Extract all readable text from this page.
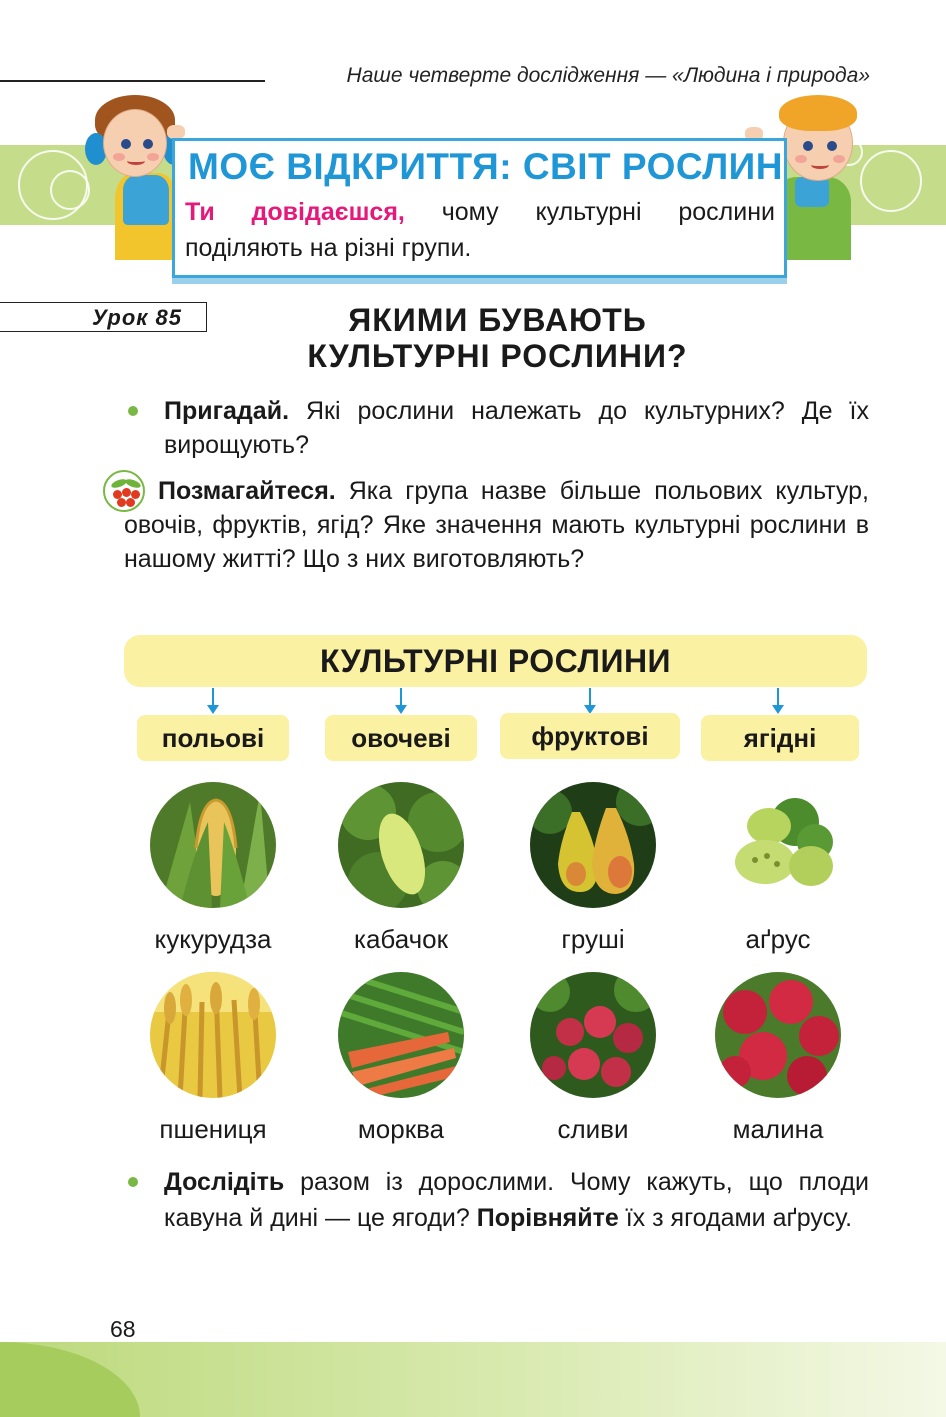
Наше четверте дослідження — «Людина і природа»
МОЄ ВІДКРИТТЯ: СВІТ РОСЛИН
Ти довідаєшся, чому культурні рослини поділяють на різні групи.
Урок 85	ЯКИМИ БУВАЮТЬ
КУЛЬТУРНІ РОСЛИНИ?
Пригадай. Які рослини належать до культурних? Де їх вирощують?
Позмагайтеся. Яка група назве більше польових культур, овочів, фруктів, ягід? Яке значення мають культурні рослини в нашому житті? Що з них виготовляють?
КУЛЬТУРНІ РОСЛИНИ
польові	овочеві	фруктові	ягідні
кукурудза	кабачок	груші	аґрус
пшениця	морква	сливи	малина
Дослідіть разом із дорослими. Чому кажуть, що плоди кавуна й дині — це ягоди? Порівняйте їх з ягодами аґрусу.
68
